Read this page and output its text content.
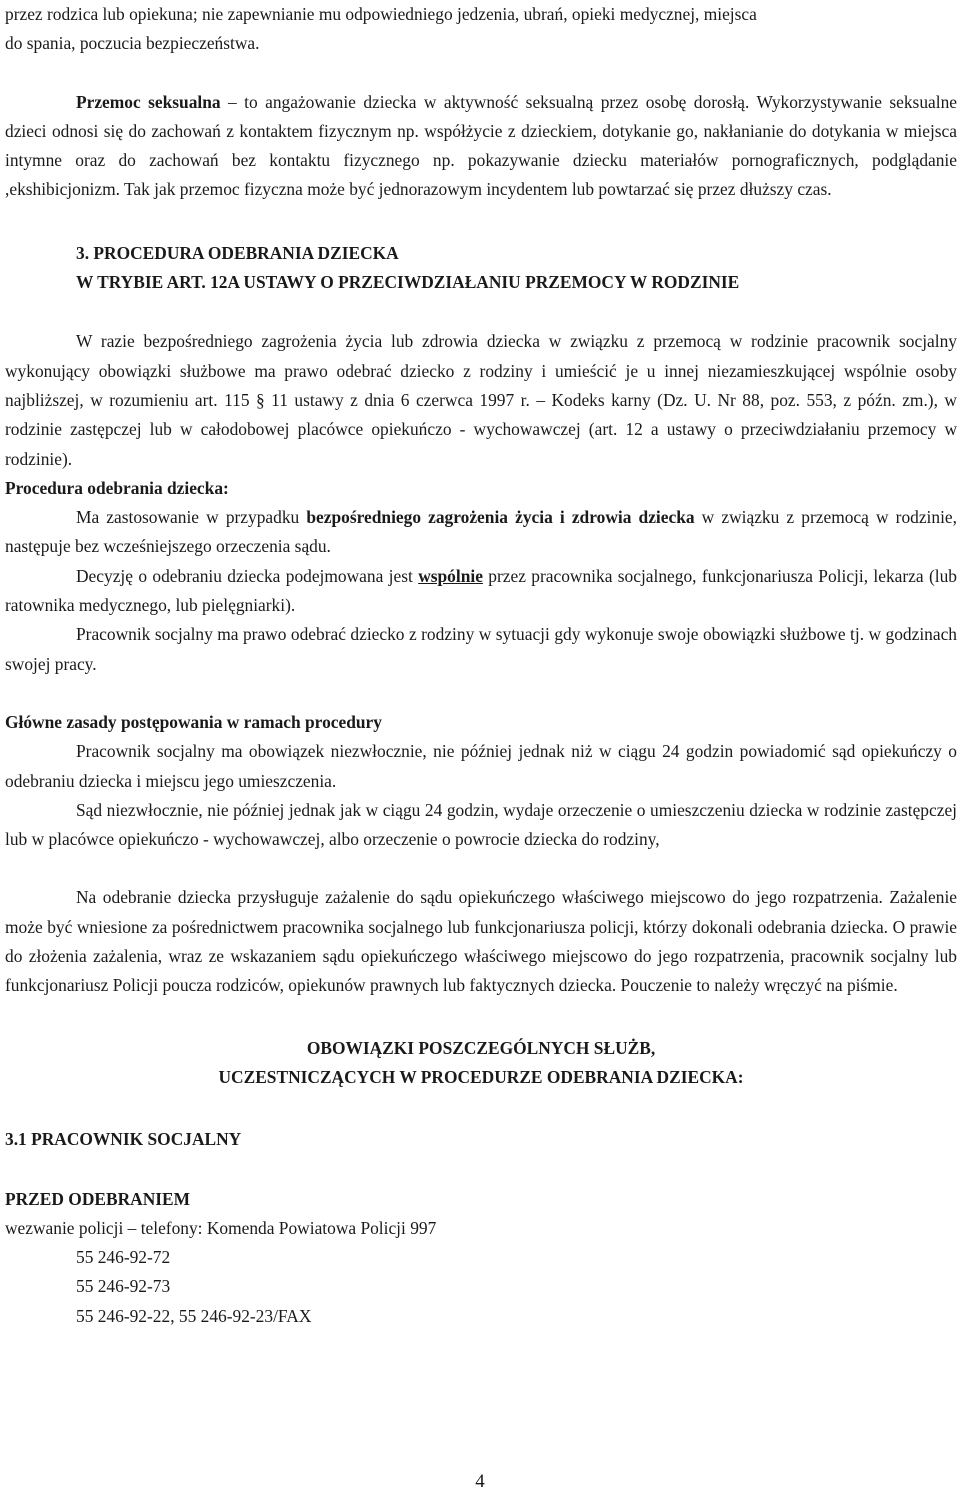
przez rodzica lub opiekuna; nie zapewnianie mu odpowiedniego jedzenia, ubrań, opieki medycznej, miejsca

do spania, poczucia bezpieczeństwa.

Przemoc seksualna – to angażowanie dziecka w aktywność seksualną przez osobę dorosłą. Wykorzystywanie seksualne dzieci odnosi się do zachowań z kontaktem fizycznym np. współżycie z dzieckiem, dotykanie go, nakłanianie do dotykania w miejsca intymne oraz do zachowań bez kontaktu fizycznego np. pokazywanie dziecku materiałów pornograficznych, podglądanie ,ekshibicjonizm. Tak jak przemoc fizyczna może być jednorazowym incydentem lub powtarzać się przez dłuższy czas.

3. PROCEDURA ODEBRANIA DZIECKA
W TRYBIE ART. 12A USTAWY O PRZECIWDZIAŁANIU PRZEMOCY W RODZINIE

W razie bezpośredniego zagrożenia życia lub zdrowia dziecka w związku z przemocą w rodzinie pracownik socjalny wykonujący obowiązki służbowe ma prawo odebrać dziecko z rodziny i umieścić je u innej niezamieszkującej wspólnie osoby najbliższej, w rozumieniu art. 115 § 11 ustawy z dnia 6 czerwca 1997 r. – Kodeks karny (Dz. U. Nr 88, poz. 553, z późn. zm.), w rodzinie zastępczej lub w całodobowej placówce opiekuńczo - wychowawczej (art. 12 a ustawy o przeciwdziałaniu przemocy w rodzinie).

Procedura odebrania dziecka:

Ma zastosowanie w przypadku bezpośredniego zagrożenia życia i zdrowia dziecka w związku z przemocą w rodzinie, następuje bez wcześniejszego orzeczenia sądu.

Decyzję o odebraniu dziecka podejmowana jest wspólnie przez pracownika socjalnego, funkcjonariusza Policji, lekarza (lub ratownika medycznego, lub pielęgniarki).

Pracownik socjalny ma prawo odebrać dziecko z rodziny w sytuacji gdy wykonuje swoje obowiązki służbowe tj. w godzinach swojej pracy.

Główne zasady postępowania w ramach procedury

Pracownik socjalny ma obowiązek niezwłocznie, nie później jednak niż w ciągu 24 godzin powiadomić sąd opiekuńczy o odebraniu dziecka i miejscu jego umieszczenia.

Sąd niezwłocznie, nie później jednak jak w ciągu 24 godzin, wydaje orzeczenie o umieszczeniu dziecka w rodzinie zastępczej lub w placówce opiekuńczo - wychowawczej, albo orzeczenie o powrocie dziecka do rodziny,

Na odebranie dziecka przysługuje zażalenie do sądu opiekuńczego właściwego miejscowo do jego rozpatrzenia. Zażalenie może być wniesione za pośrednictwem pracownika socjalnego lub funkcjonariusza policji, którzy dokonali odebrania dziecka. O prawie do złożenia zażalenia, wraz ze wskazaniem sądu opiekuńczego właściwego miejscowo do jego rozpatrzenia, pracownik socjalny lub funkcjonariusz Policji poucza rodziców, opiekunów prawnych lub faktycznych dziecka. Pouczenie to należy wręczyć na piśmie.

OBOWIĄZKI POSZCZEGÓLNYCH SŁUŻB,
UCZESTNICZĄCYCH W PROCEDURZE ODEBRANIA DZIECKA:

3.1 PRACOWNIK SOCJALNY

PRZED ODEBRANIEM

wezwanie policji – telefony: Komenda Powiatowa Policji 997

55 246-92-72
55 246-92-73
55 246-92-22, 55 246-92-23/FAX
4
